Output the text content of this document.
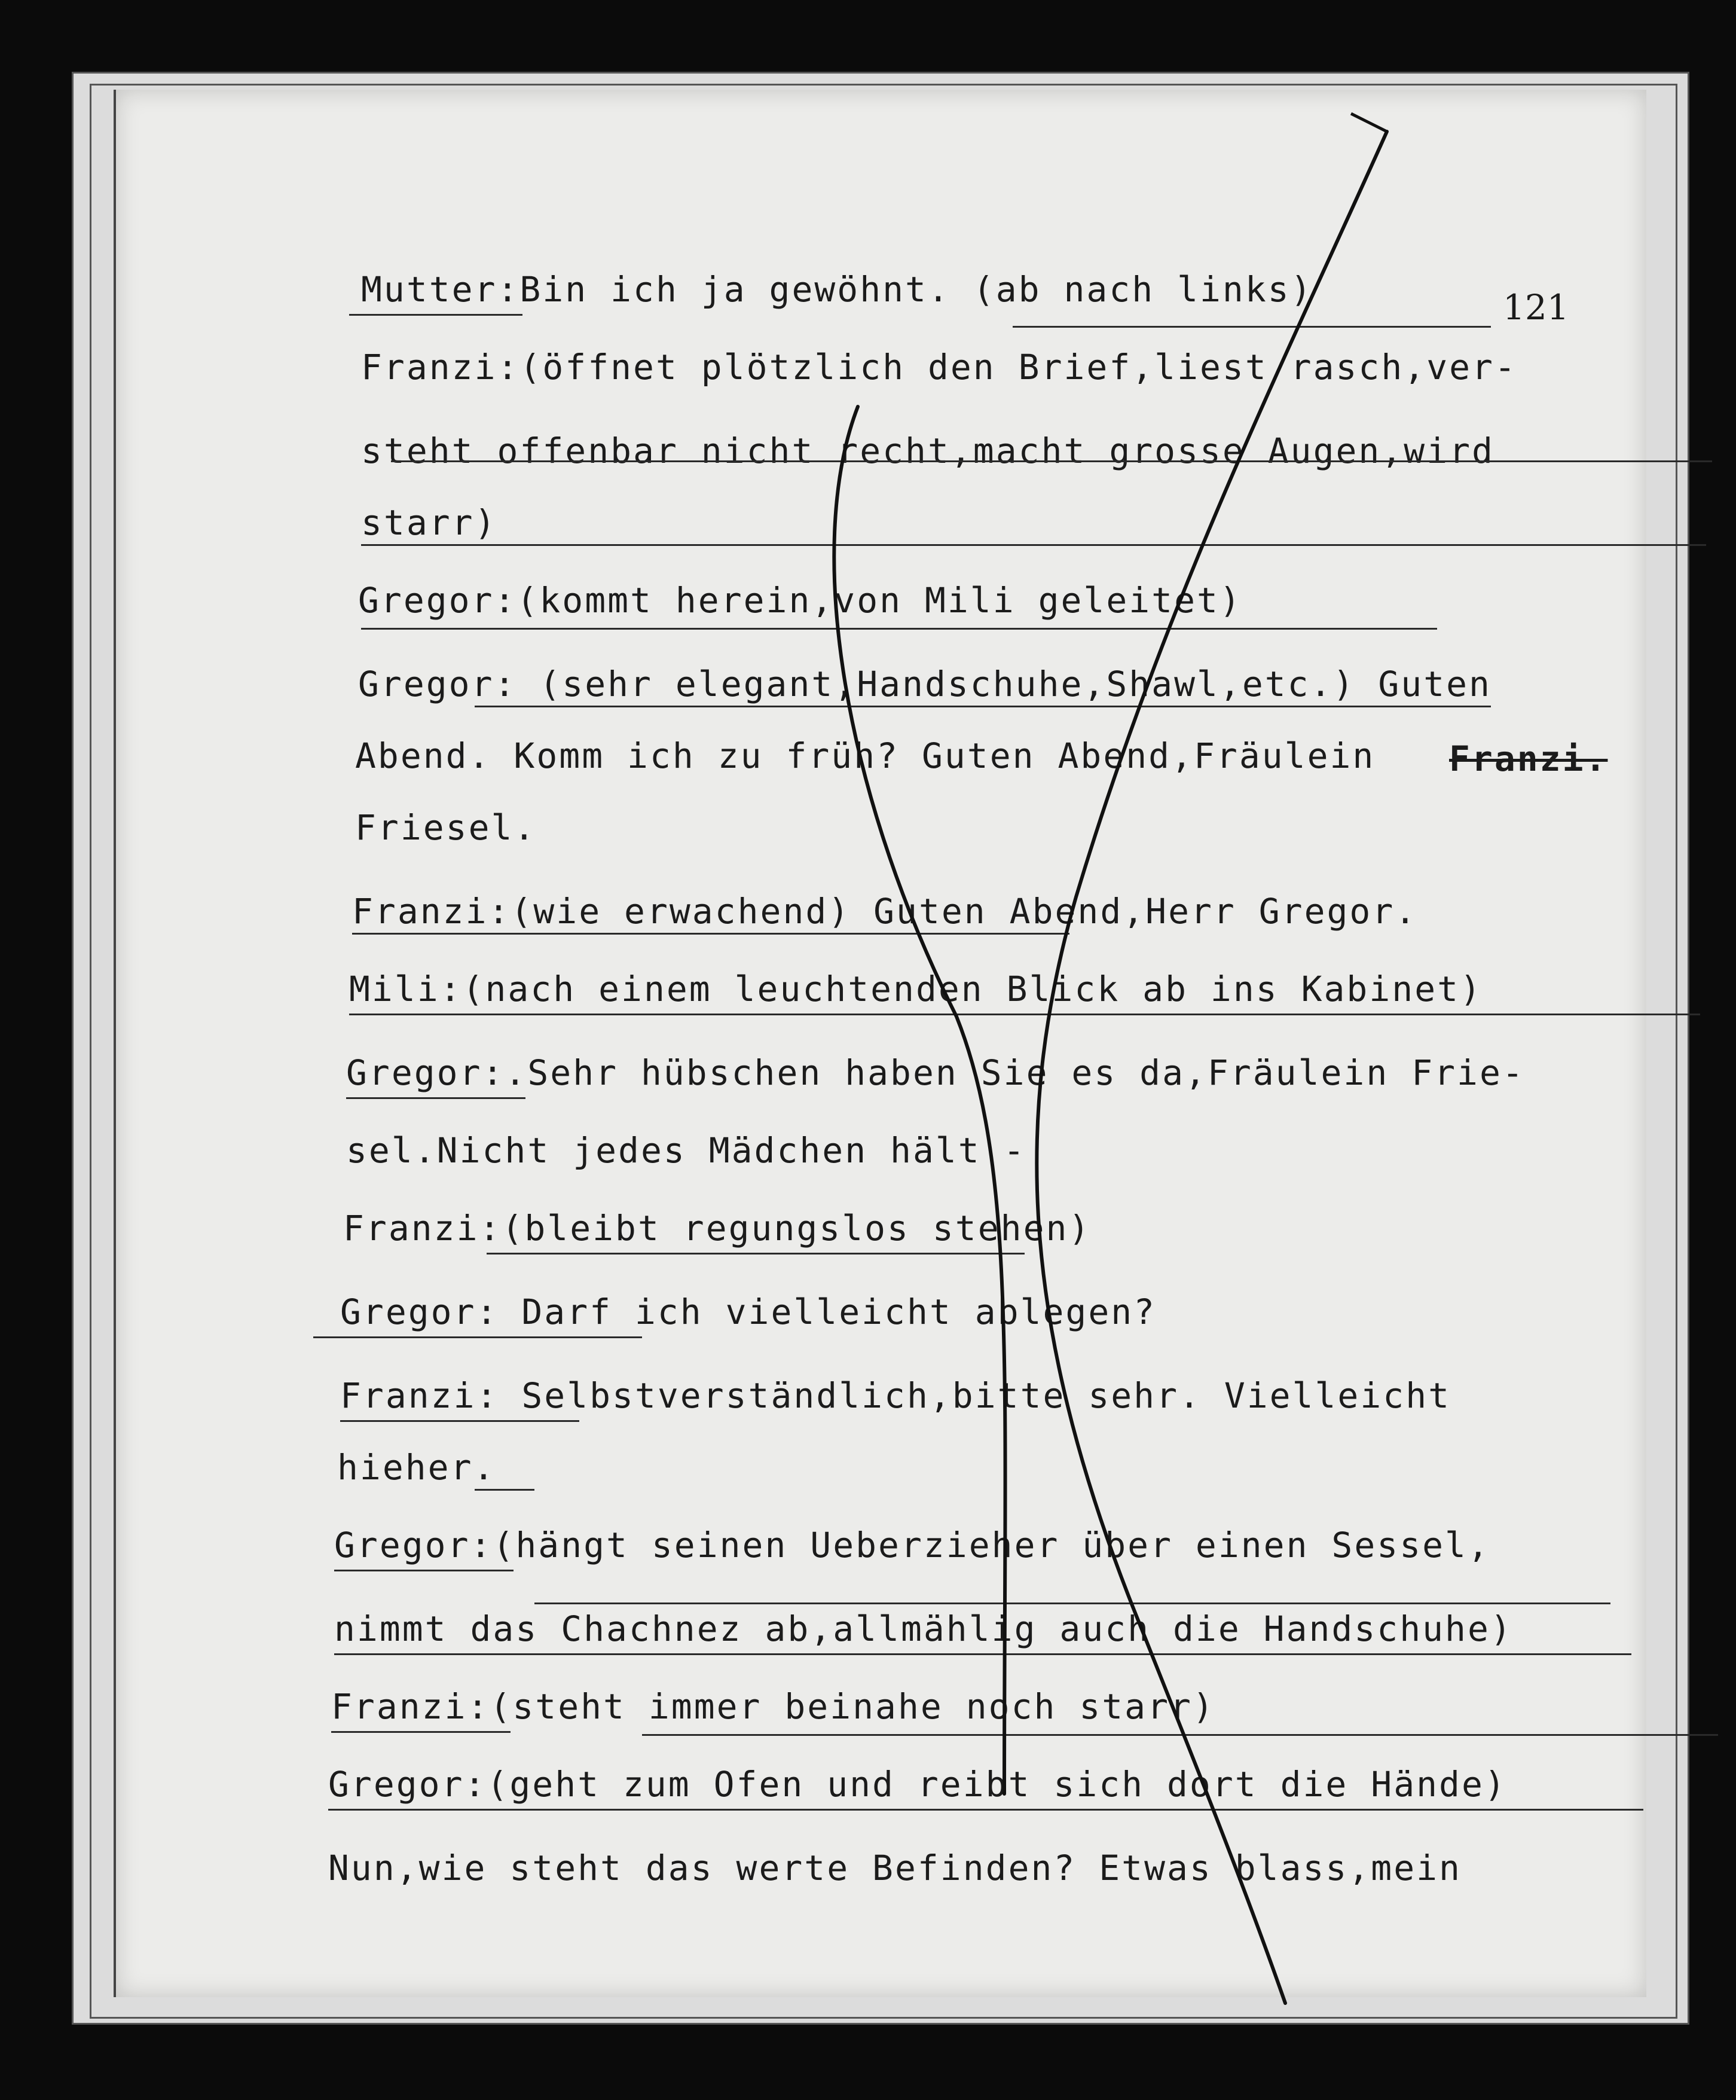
121
Mutter:Bin ich ja gewöhnt. (ab nach links)
Franzi:(öffnet plötzlich den Brief,liest rasch,ver-
steht offenbar nicht recht,macht grosse Augen,wird
starr)
Gregor:(kommt herein,von Mili geleitet)
Gregor: (sehr elegant,Handschuhe,Shawl,etc.) Guten
Abend. Komm ich zu früh? Guten Abend,Fräulein Franzi.
Friesel.
Franzi:(wie erwachend) Guten Abend,Herr Gregor.
Mili:(nach einem leuchtenden Blick ab ins Kabinet)
Gregor:.Sehr hübschen haben Sie es da,Fräulein Frie-
sel.Nicht jedes Mädchen hält -
Franzi:(bleibt regungslos stehen)
Gregor: Darf ich vielleicht ablegen?
Franzi: Selbstverständlich,bitte sehr. Vielleicht
hieher.
Gregor:(hängt seinen Ueberzieher über einen Sessel,
nimmt das Chachnez ab,allmählig auch die Handschuhe)
Franzi:(steht immer beinahe noch starr)
Gregor:(geht zum Ofen und reibt sich dort die Hände)
Nun,wie steht das werte Befinden? Etwas blass,mein
